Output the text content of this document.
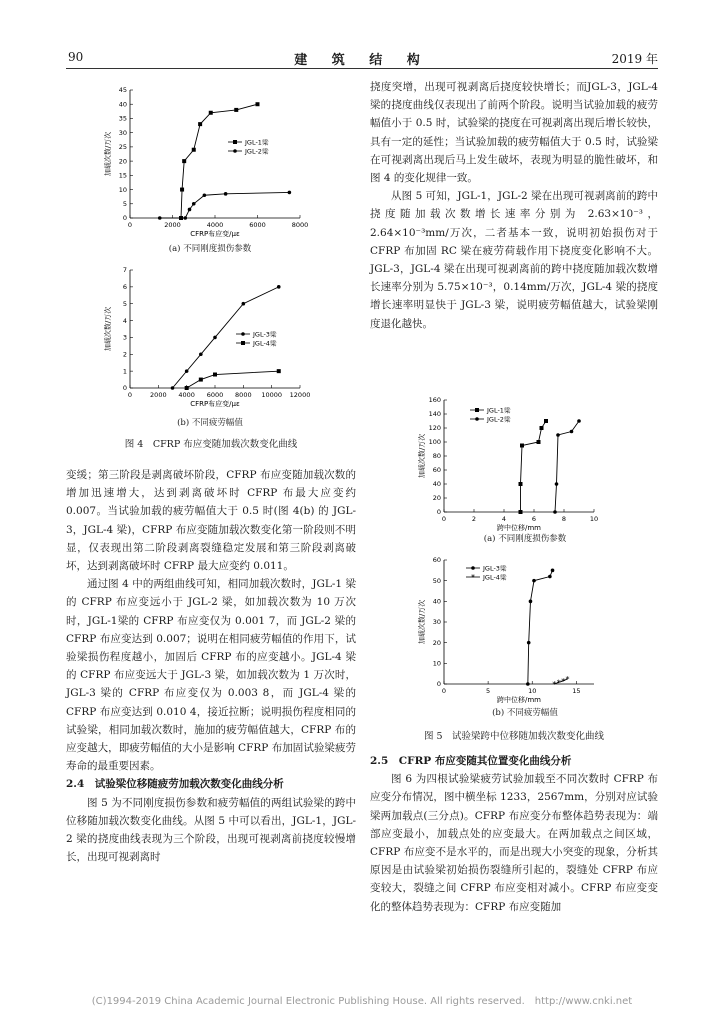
90	建 筑 结 构	2019 年
0	2000	4000	6000	8000
0
5
10
15
20
25
30
35
40
45
CFRP布应变/με
加载次数/万次	JGL-1梁
JGL-2梁
(a) 不同刚度损伤参数
0	2000 4000 6000 8000 10000 12000
0
1
2
3
4
5
6
7
CFRP布应变/με
加载次数/万次	JGL-3梁
JGL-4梁
(b) 不同疲劳幅值
图 4　CFRP 布应变随加载次数变化曲线

变缓；第三阶段是剥离破坏阶段，CFRP 布应变随加载次数的增加迅速增大，达到剥离破坏时 CFRP 布最大应变约 0.007。当试验加载的疲劳幅值大于 0.5 时(图 4(b) 的 JGL-3，JGL-4 梁)，CFRP 布应变随加载次数变化第一阶段则不明显，仅表现出第二阶段剥离裂缝稳定发展和第三阶段剥离破坏，达到剥离破坏时 CFRP 最大应变约 0.011。

通过图 4 中的两组曲线可知，相同加载次数时，JGL-1 梁的 CFRP 布应变远小于 JGL-2 梁，如加载次数为 10 万次时，JGL-1梁的 CFRP 布应变仅为 0.001 7，而 JGL-2 梁的 CFRP 布应变达到 0.007；说明在相同疲劳幅值的作用下，试验梁损伤程度越小，加固后 CFRP 布的应变越小。JGL-4 梁的 CFRP 布应变远大于 JGL-3 梁，如加载次数为 1 万次时，JGL-3 梁的 CFRP 布应变仅为 0.003 8，而 JGL-4 梁的 CFRP 布应变达到 0.010 4，接近拉断；说明损伤程度相同的试验梁，相同加载次数时，施加的疲劳幅值越大，CFRP 布的应变越大，即疲劳幅值的大小是影响 CFRP 布加固试验梁疲劳寿命的最重要因素。

2.4　试验梁位移随疲劳加载次数变化曲线分析

图 5 为不同刚度损伤参数和疲劳幅值的两组试验梁的跨中位移随加载次数变化曲线。从图 5 中可以看出，JGL-1，JGL-2 梁的挠度曲线表现为三个阶段，出现可视剥离前挠度较慢增长，出现可视剥离时

挠度突增，出现可视剥离后挠度较快增长；而JGL-3，JGL-4 梁的挠度曲线仅表现出了前两个阶段。说明当试验加载的疲劳幅值小于 0.5 时，试验梁的挠度在可视剥离出现后增长较快，具有一定的延性；当试验加载的疲劳幅值大于 0.5 时，试验梁在可视剥离出现后马上发生破坏，表现为明显的脆性破坏，和图 4 的变化规律一致。

从图 5 可知，JGL-1，JGL-2 梁在出现可视剥离前的跨中挠度随加载次数增长速率分别为 2.63×10⁻³，2.64×10⁻³mm/万次，二者基本一致，说明初始损伤对于 CFRP 布加固 RC 梁在疲劳荷载作用下挠度变化影响不大。JGL-3，JGL-4 梁在出现可视剥离前的跨中挠度随加载次数增长速率分别为 5.75×10⁻³，0.14mm/万次，JGL-4 梁的挠度增长速率明显快于 JGL-3 梁，说明疲劳幅值越大，试验梁刚度退化越快。

0	2	4	6	8	10
0
20
40
60
80
100
120
140
160
跨中位移/mm
加载次数/万次
JGL-1梁
JGL-2梁
(a) 不同刚度损伤参数
0	5	10	15
0
10
20
30
40
50
60
跨中位移/mm
加载次数/万次
JGL-3梁
* * * *
* JGL-4梁
(b) 不同疲劳幅值
图 5　试验梁跨中位移随加载次数变化曲线

2.5　CFRP 布应变随其位置变化曲线分析

图 6 为四根试验梁疲劳试验加载至不同次数时 CFRP 布应变分布情况，图中横坐标 1233，2567mm，分别对应试验梁两加载点(三分点)。CFRP 布应变分布整体趋势表现为：端部应变最小，加载点处的应变最大。在两加载点之间区域，CFRP 布应变不是水平的，而是出现大小突变的现象，分析其原因是由试验梁初始损伤裂缝所引起的，裂缝处 CFRP 布应变较大，裂缝之间 CFRP 布应变相对减小。CFRP 布应变变化的整体趋势表现为：CFRP 布应变随加

(C)1994-2019 China Academic Journal Electronic Publishing House. All rights reserved.　http://www.cnki.net
